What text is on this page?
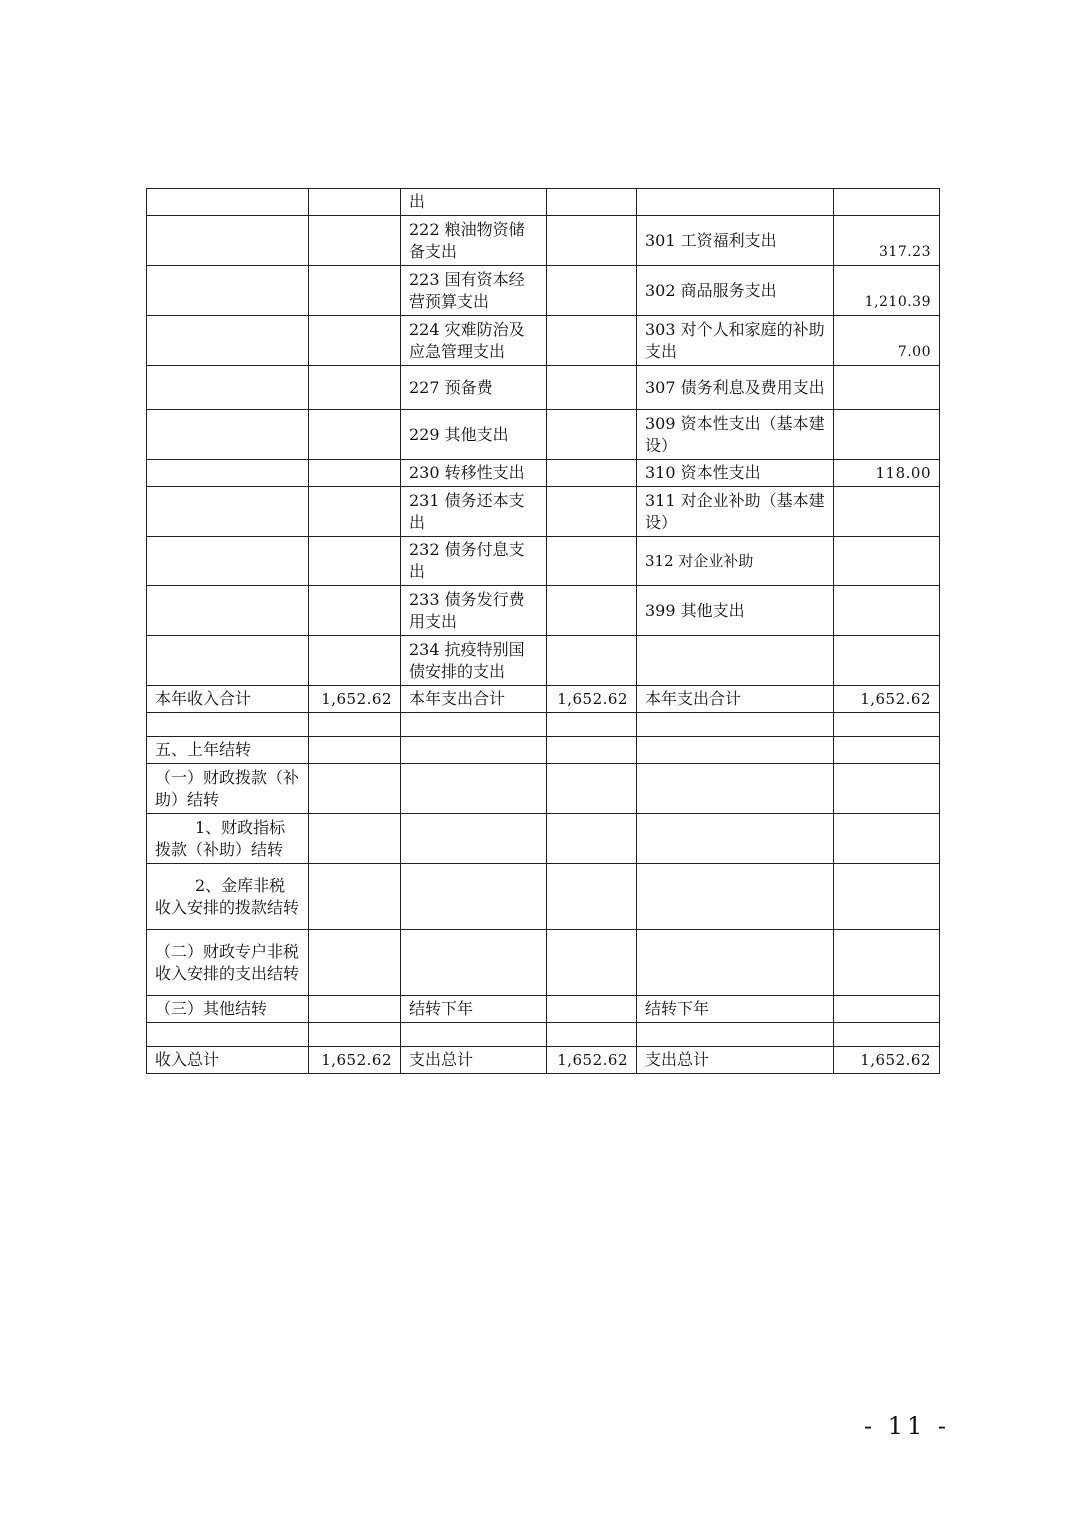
		出			
		222 粮油物资储备支出		301 工资福利支出	317.23
		223 国有资本经营预算支出		302 商品服务支出	1,210.39
		224 灾难防治及应急管理支出		303 对个人和家庭的补助支出	7.00
		227 预备费		307 债务利息及费用支出	
		229 其他支出		309 资本性支出（基本建设）	
		230 转移性支出		310 资本性支出	118.00
		231 债务还本支出		311 对企业补助（基本建设）	
		232 债务付息支出		312 对企业补助	
		233 债务发行费用支出		399 其他支出	
		234 抗疫特别国债安排的支出			
本年收入合计	1,652.62	本年支出合计	1,652.62	本年支出合计	1,652.62

五、上年结转					
（一）财政拨款（补助）结转					
1、财政指标拨款（补助）结转					
2、金库非税收入安排的拨款结转					
（二）财政专户非税收入安排的支出结转					
（三）其他结转		结转下年		结转下年	

收入总计	1,652.62	支出总计	1,652.62	支出总计	1,652.62
- 11 -
